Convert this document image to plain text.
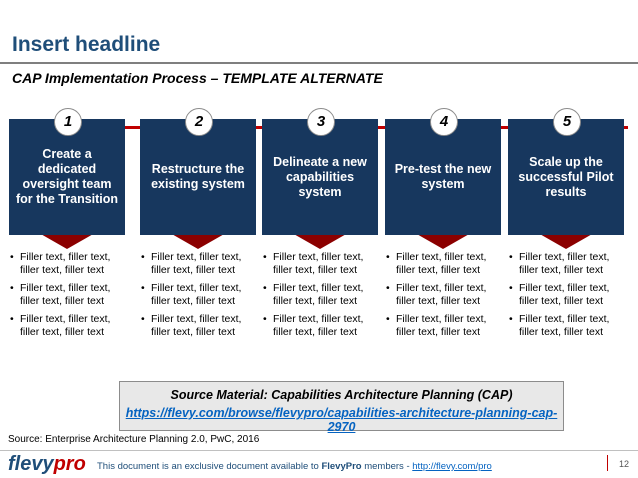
Insert headline
CAP Implementation Process – TEMPLATE ALTERNATE
1
Create a dedicated oversight team for the Transition
• Filler text, filler text, filler text, filler text
• Filler text, filler text, filler text, filler text
• Filler text, filler text, filler text, filler text
2
Restructure the existing system
• Filler text, filler text, filler text, filler text
• Filler text, filler text, filler text, filler text
• Filler text, filler text, filler text, filler text
3
Delineate a new capabilities system
• Filler text, filler text, filler text, filler text
• Filler text, filler text, filler text, filler text
• Filler text, filler text, filler text, filler text
4
Pre-test the new system
• Filler text, filler text, filler text, filler text
• Filler text, filler text, filler text, filler text
• Filler text, filler text, filler text, filler text
5
Scale up the successful Pilot results
• Filler text, filler text, filler text, filler text
• Filler text, filler text, filler text, filler text
• Filler text, filler text, filler text, filler text
Source Material: Capabilities Architecture Planning (CAP)
https://flevy.com/browse/flevypro/capabilities-architecture-planning-cap-2970
Source: Enterprise Architecture Planning 2.0, PwC, 2016
flevypro This document is an exclusive document available to FlevyPro members - http://flevy.com/pro	12
